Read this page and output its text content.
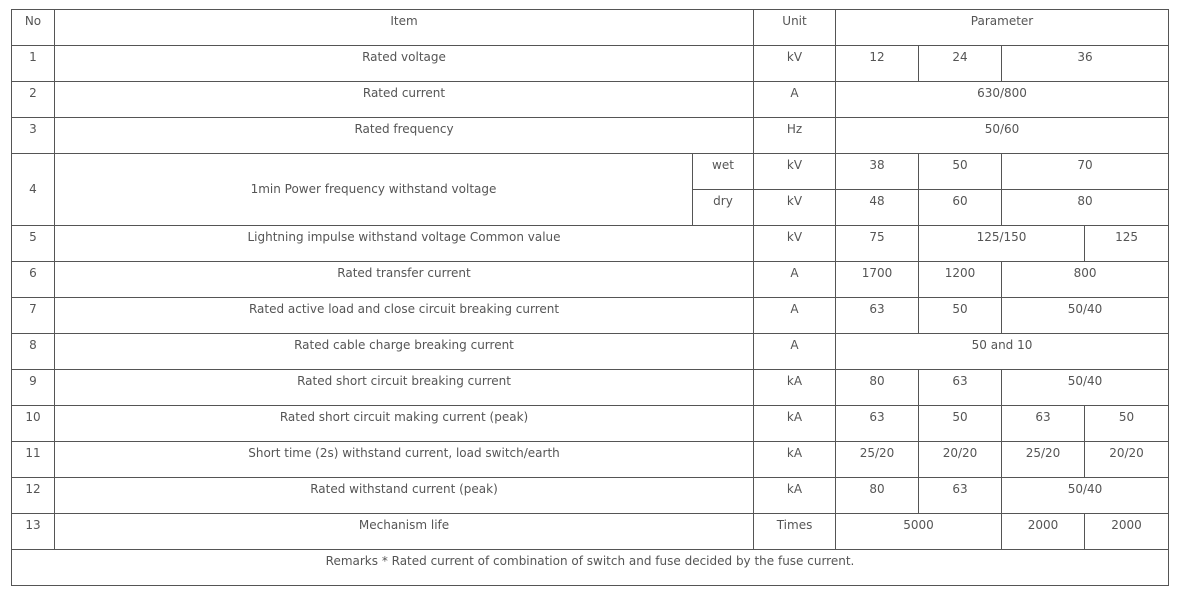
No	Item		Unit	Parameter			
1	Rated voltage		kV	12	24	36	
2	Rated current		A	630/800			
3	Rated frequency		Hz	50/60			
4	1min Power frequency withstand voltage	wet	kV	38	50	70	
		dry	kV	48	60	80	
5	Lightning impulse withstand voltage Common value		kV	75	125/150		125
6	Rated transfer current		A	1700	1200	800	
7	Rated active load and close circuit breaking current		A	63	50	50/40	
8	Rated cable charge breaking current		A	50 and 10			
9	Rated short circuit breaking current		kA	80	63	50/40	
10	Rated short circuit making current (peak)		kA	63	50	63	50
11	Short time (2s) withstand current, load switch/earth		kA	25/20	20/20	25/20	20/20
12	Rated withstand current (peak)		kA	80	63	50/40	
13	Mechanism life		Times	5000		2000	2000
Remarks * Rated current of combination of switch and fuse decided by the fuse current.							
